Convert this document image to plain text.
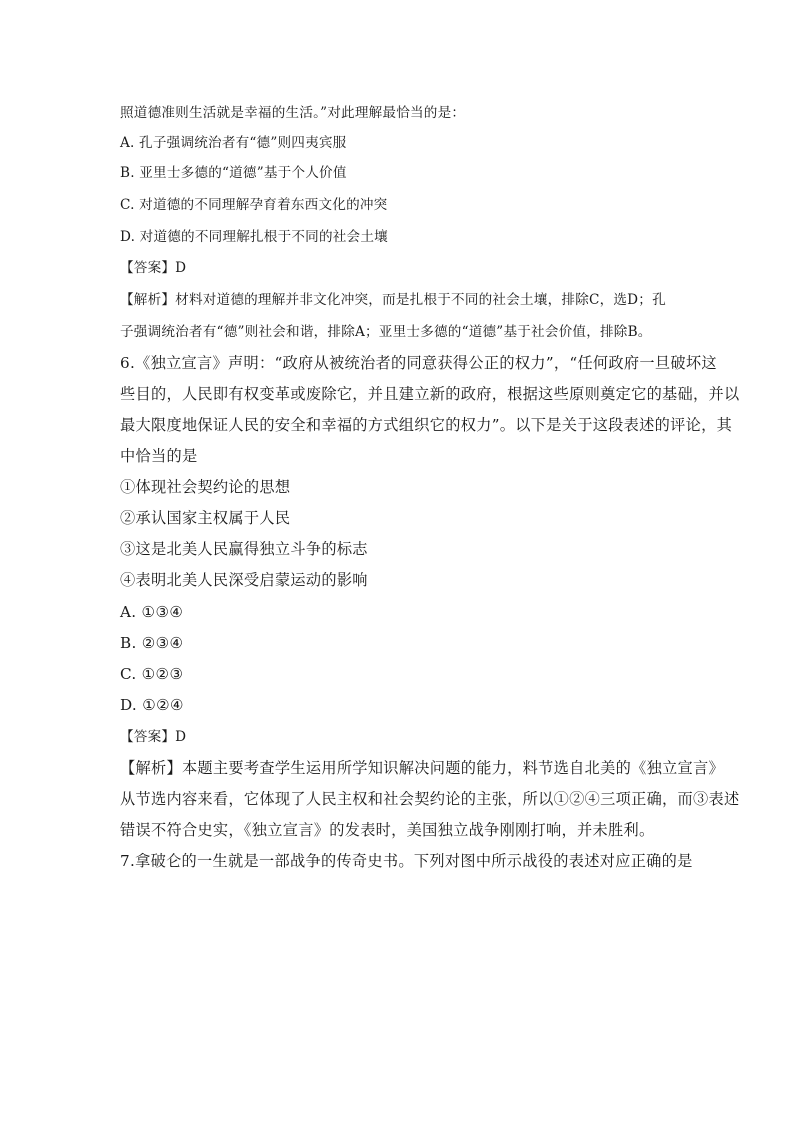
照道德准则生活就是幸福的生活。”对此理解最恰当的是：
A. 孔子强调统治者有“德”则四夷宾服
B. 亚里士多德的“道德”基于个人价值
C. 对道德的不同理解孕育着东西文化的冲突
D. 对道德的不同理解扎根于不同的社会土壤
【答案】D
【解析】材料对道德的理解并非文化冲突，而是扎根于不同的社会土壤，排除C，选D；孔
子强调统治者有“德”则社会和谐，排除A；亚里士多德的“道德”基于社会价值，排除B。
6.《独立宣言》声明：“政府从被统治者的同意获得公正的权力”，“任何政府一旦破坏这
些目的，人民即有权变革或废除它，并且建立新的政府，根据这些原则奠定它的基础，并以
最大限度地保证人民的安全和幸福的方式组织它的权力”。以下是关于这段表述的评论，其
中恰当的是
①体现社会契约论的思想
②承认国家主权属于人民
③这是北美人民赢得独立斗争的标志
④表明北美人民深受启蒙运动的影响
A. ①③④
B. ②③④
C. ①②③
D. ①②④
【答案】D
【解析】本题主要考查学生运用所学知识解决问题的能力，料节选自北美的《独立宣言》
从节选内容来看，它体现了人民主权和社会契约论的主张，所以①②④三项正确，而③表述
错误不符合史实，《独立宣言》的发表时，美国独立战争刚刚打响，并未胜利。
7.拿破仑的一生就是一部战争的传奇史书。下列对图中所示战役的表述对应正确的是
